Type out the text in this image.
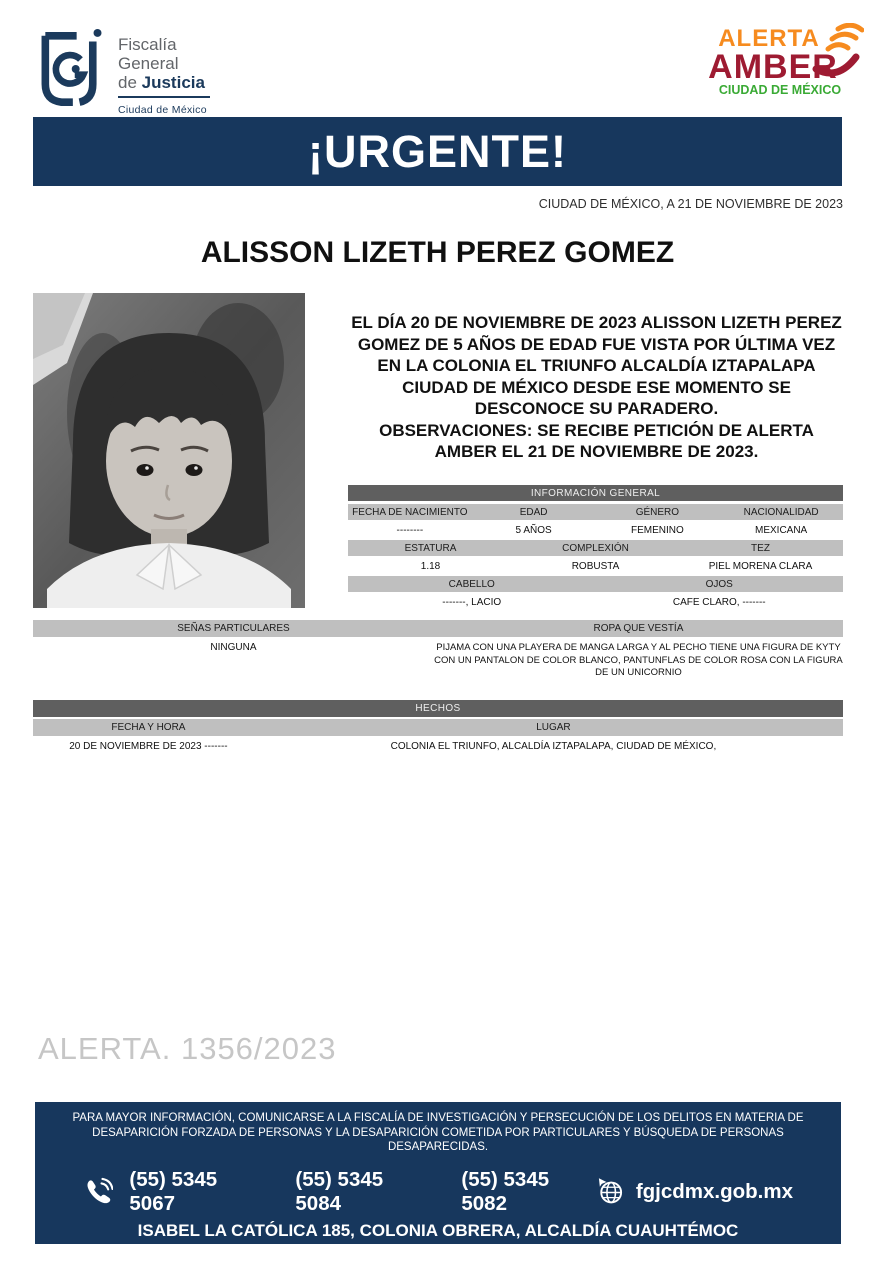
Fiscalía
General
de Justicia
Ciudad de México
ALERTA
AMBER
CIUDAD DE MÉXICO
¡URGENTE!
CIUDAD DE MÉXICO, A 21 DE NOVIEMBRE DE 2023
ALISSON LIZETH PEREZ GOMEZ
EL DÍA 20 DE NOVIEMBRE DE 2023 ALISSON LIZETH PEREZ GOMEZ DE 5 AÑOS DE EDAD FUE VISTA POR ÚLTIMA VEZ EN LA COLONIA EL TRIUNFO ALCALDÍA IZTAPALAPA CIUDAD DE MÉXICO DESDE ESE MOMENTO SE DESCONOCE SU PARADERO.
OBSERVACIONES: SE RECIBE PETICIÓN DE ALERTA AMBER EL 21 DE NOVIEMBRE DE 2023.
INFORMACIÓN GENERAL
FECHA DE NACIMIENTO	EDAD	GÉNERO	NACIONALIDAD
--------	5 AÑOS	FEMENINO	MEXICANA
ESTATURA	COMPLEXIÓN	TEZ
1.18	ROBUSTA	PIEL MORENA CLARA
CABELLO	OJOS
-------, LACIO	CAFE CLARO, -------
SEÑAS PARTICULARES	ROPA QUE VESTÍA
NINGUNA	PIJAMA CON UNA PLAYERA DE MANGA LARGA Y AL PECHO TIENE UNA FIGURA DE KYTY CON UN PANTALON DE COLOR BLANCO, PANTUNFLAS DE COLOR ROSA CON LA FIGURA DE UN UNICORNIO
HECHOS
FECHA Y HORA	LUGAR
20 DE NOVIEMBRE DE 2023 -------	COLONIA EL TRIUNFO, ALCALDÍA IZTAPALAPA, CIUDAD DE MÉXICO,
ALERTA. 1356/2023
PARA MAYOR INFORMACIÓN, COMUNICARSE A LA FISCALÍA DE INVESTIGACIÓN Y PERSECUCIÓN DE LOS DELITOS EN MATERIA DE DESAPARICIÓN FORZADA DE PERSONAS Y LA DESAPARICIÓN COMETIDA POR PARTICULARES Y BÚSQUEDA DE PERSONAS DESAPARECIDAS.
(55) 5345 5067
(55) 5345 5084
(55) 5345 5082
fgjcdmx.gob.mx
ISABEL LA CATÓLICA 185, COLONIA OBRERA, ALCALDÍA CUAUHTÉMOC
C.P. 06800, CIUDAD DE MÉXICO
